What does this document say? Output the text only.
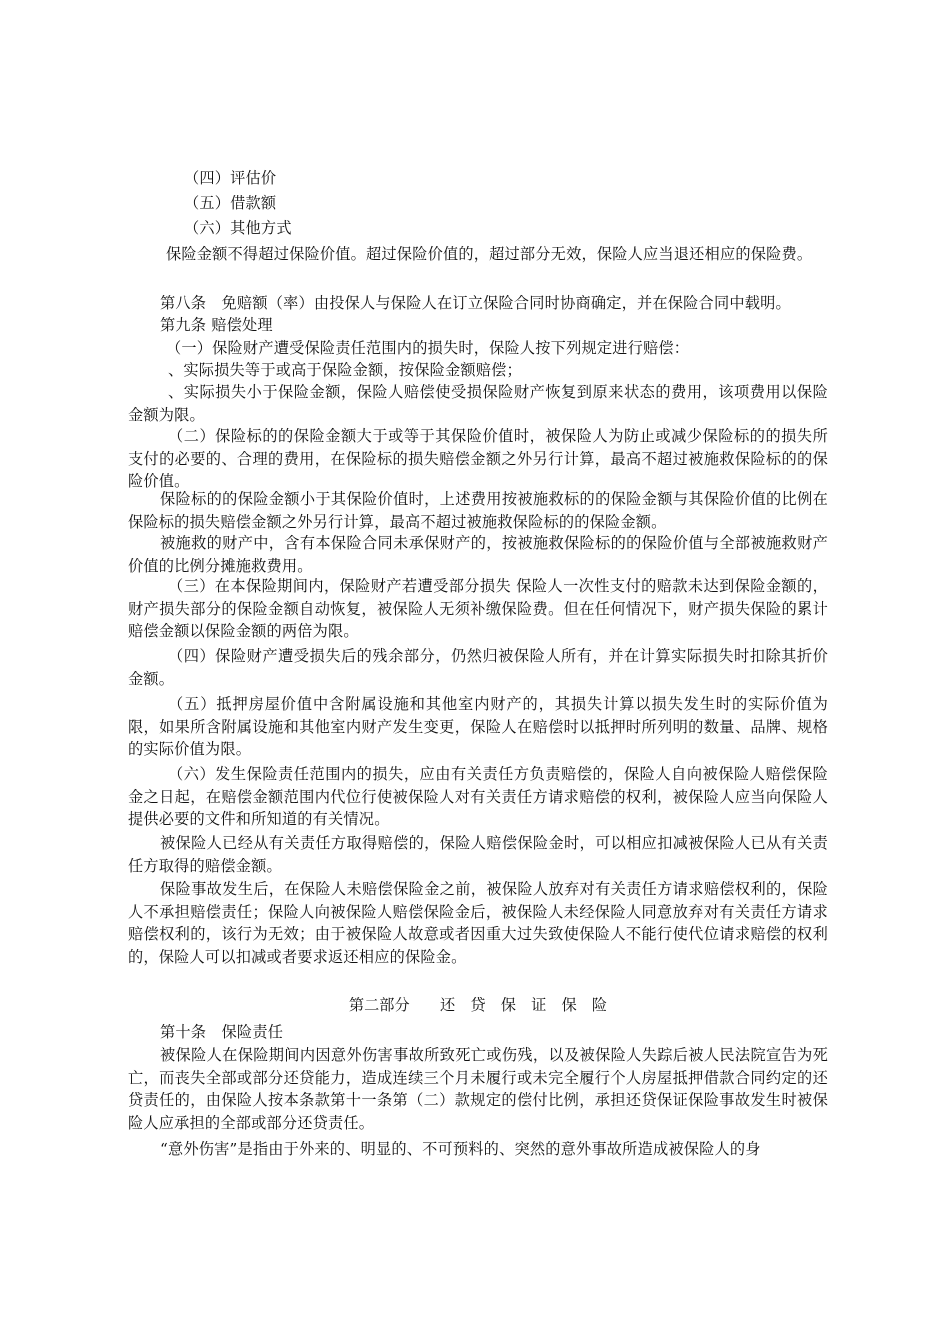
（四）评估价
（五）借款额
（六）其他方式
保险金额不得超过保险价值。超过保险价值的，超过部分无效，保险人应当退还相应的保险费。
第八条　免赔额（率）由投保人与保险人在订立保险合同时协商确定，并在保险合同中载明。
第九条 赔偿处理
（一）保险财产遭受保险责任范围内的损失时，保险人按下列规定进行赔偿：
、实际损失等于或高于保险金额，按保险金额赔偿；
、实际损失小于保险金额，保险人赔偿使受损保险财产恢复到原来状态的费用，该项费用以保险金额为限。
（二）保险标的的保险金额大于或等于其保险价值时，被保险人为防止或减少保险标的的损失所支付的必要的、合理的费用，在保险标的损失赔偿金额之外另行计算，最高不超过被施救保险标的的保险价值。
保险标的的保险金额小于其保险价值时，上述费用按被施救标的的保险金额与其保险价值的比例在保险标的损失赔偿金额之外另行计算，最高不超过被施救保险标的的保险金额。
被施救的财产中，含有本保险合同未承保财产的，按被施救保险标的的保险价值与全部被施救财产价值的比例分摊施救费用。
（三）在本保险期间内，保险财产若遭受部分损失 保险人一次性支付的赔款未达到保险金额的，财产损失部分的保险金额自动恢复，被保险人无须补缴保险费。但在任何情况下，财产损失保险的累计赔偿金额以保险金额的两倍为限。
（四）保险财产遭受损失后的残余部分，仍然归被保险人所有，并在计算实际损失时扣除其折价金额。
（五）抵押房屋价值中含附属设施和其他室内财产的，其损失计算以损失发生时的实际价值为限，如果所含附属设施和其他室内财产发生变更，保险人在赔偿时以抵押时所列明的数量、品牌、规格的实际价值为限。
（六）发生保险责任范围内的损失，应由有关责任方负责赔偿的，保险人自向被保险人赔偿保险金之日起，在赔偿金额范围内代位行使被保险人对有关责任方请求赔偿的权利，被保险人应当向保险人提供必要的文件和所知道的有关情况。
被保险人已经从有关责任方取得赔偿的，保险人赔偿保险金时，可以相应扣减被保险人已从有关责任方取得的赔偿金额。
保险事故发生后，在保险人未赔偿保险金之前，被保险人放弃对有关责任方请求赔偿权利的，保险人不承担赔偿责任；保险人向被保险人赔偿保险金后，被保险人未经保险人同意放弃对有关责任方请求赔偿权利的，该行为无效；由于被保险人故意或者因重大过失致使保险人不能行使代位请求赔偿的权利的，保险人可以扣减或者要求返还相应的保险金。
第二部分　　还　贷　保　证　保　险
第十条　保险责任
被保险人在保险期间内因意外伤害事故所致死亡或伤残，以及被保险人失踪后被人民法院宣告为死亡，而丧失全部或部分还贷能力，造成连续三个月未履行或未完全履行个人房屋抵押借款合同约定的还贷责任的，由保险人按本条款第十一条第（二）款规定的偿付比例，承担还贷保证保险事故发生时被保险人应承担的全部或部分还贷责任。
“意外伤害”是指由于外来的、明显的、不可预料的、突然的意外事故所造成被保险人的身
